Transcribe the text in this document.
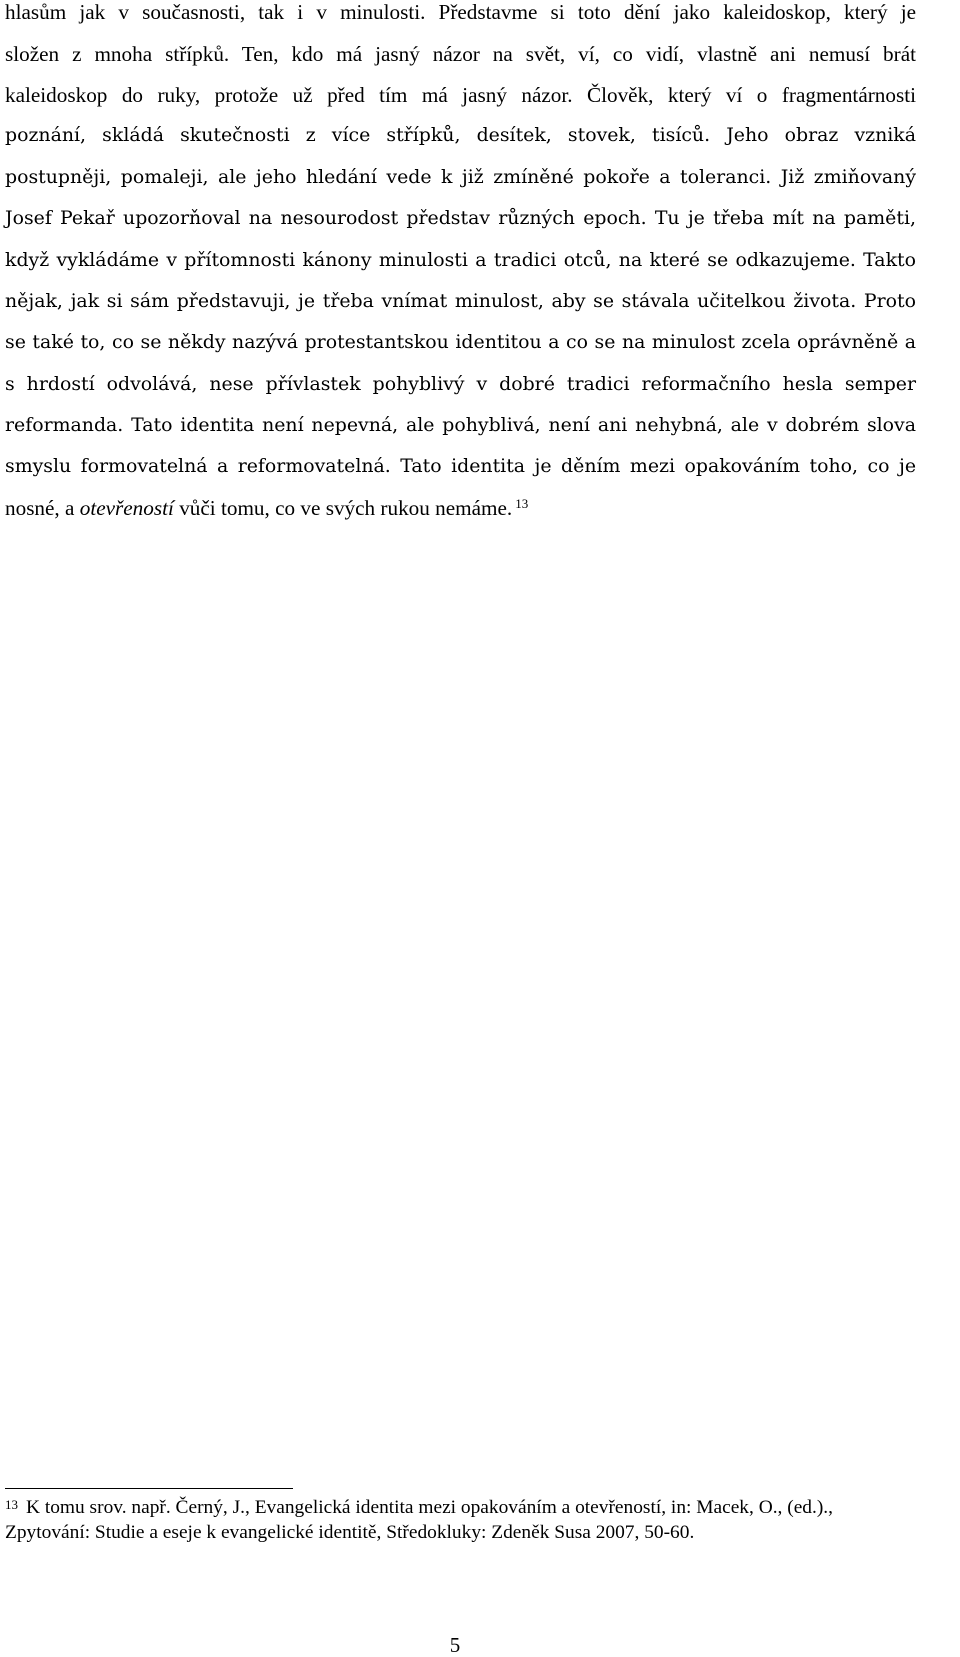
hlasům jak v současnosti, tak i v minulosti. Představme si toto dění jako kaleidoskop, který je
složen z mnoha střípků. Ten, kdo má jasný názor na svět, ví, co vidí, vlastně ani nemusí brát
kaleidoskop do ruky, protože už před tím má jasný názor. Člověk, který ví o fragmentárnosti
poznání, skládá skutečnosti z více střípků, desítek, stovek, tisíců. Jeho obraz vzniká
postupněji, pomaleji, ale jeho hledání vede k již zmíněné pokoře a toleranci. Již zmiňovaný
Josef Pekař upozorňoval na nesourodost představ různých epoch. Tu je třeba mít na paměti,
když vykládáme v přítomnosti kánony minulosti a tradici otců, na které se odkazujeme. Takto
nějak, jak si sám představuji, je třeba vnímat minulost, aby se stávala učitelkou života. Proto
se také to, co se někdy nazývá protestantskou identitou a co se na minulost zcela oprávněně a
s hrdostí odvolává, nese přívlastek pohyblivý v dobré tradici reformačního hesla semper
reformanda. Tato identita není nepevná, ale pohyblivá, není ani nehybná, ale v dobrém slova
smyslu formovatelná a reformovatelná. Tato identita je děním mezi opakováním toho, co je
nosné, a otevřeností vůči tomu, co ve svých rukou nemáme. $^{13}$
$^{13}$ K tomu srov. např. Černý, J., Evangelická identita mezi opakováním a otevřeností, in: Macek, O., (ed.).,
Zpytování: Studie a eseje k evangelické identitě, Středokluky: Zdeněk Susa 2007, 50-60.
5
